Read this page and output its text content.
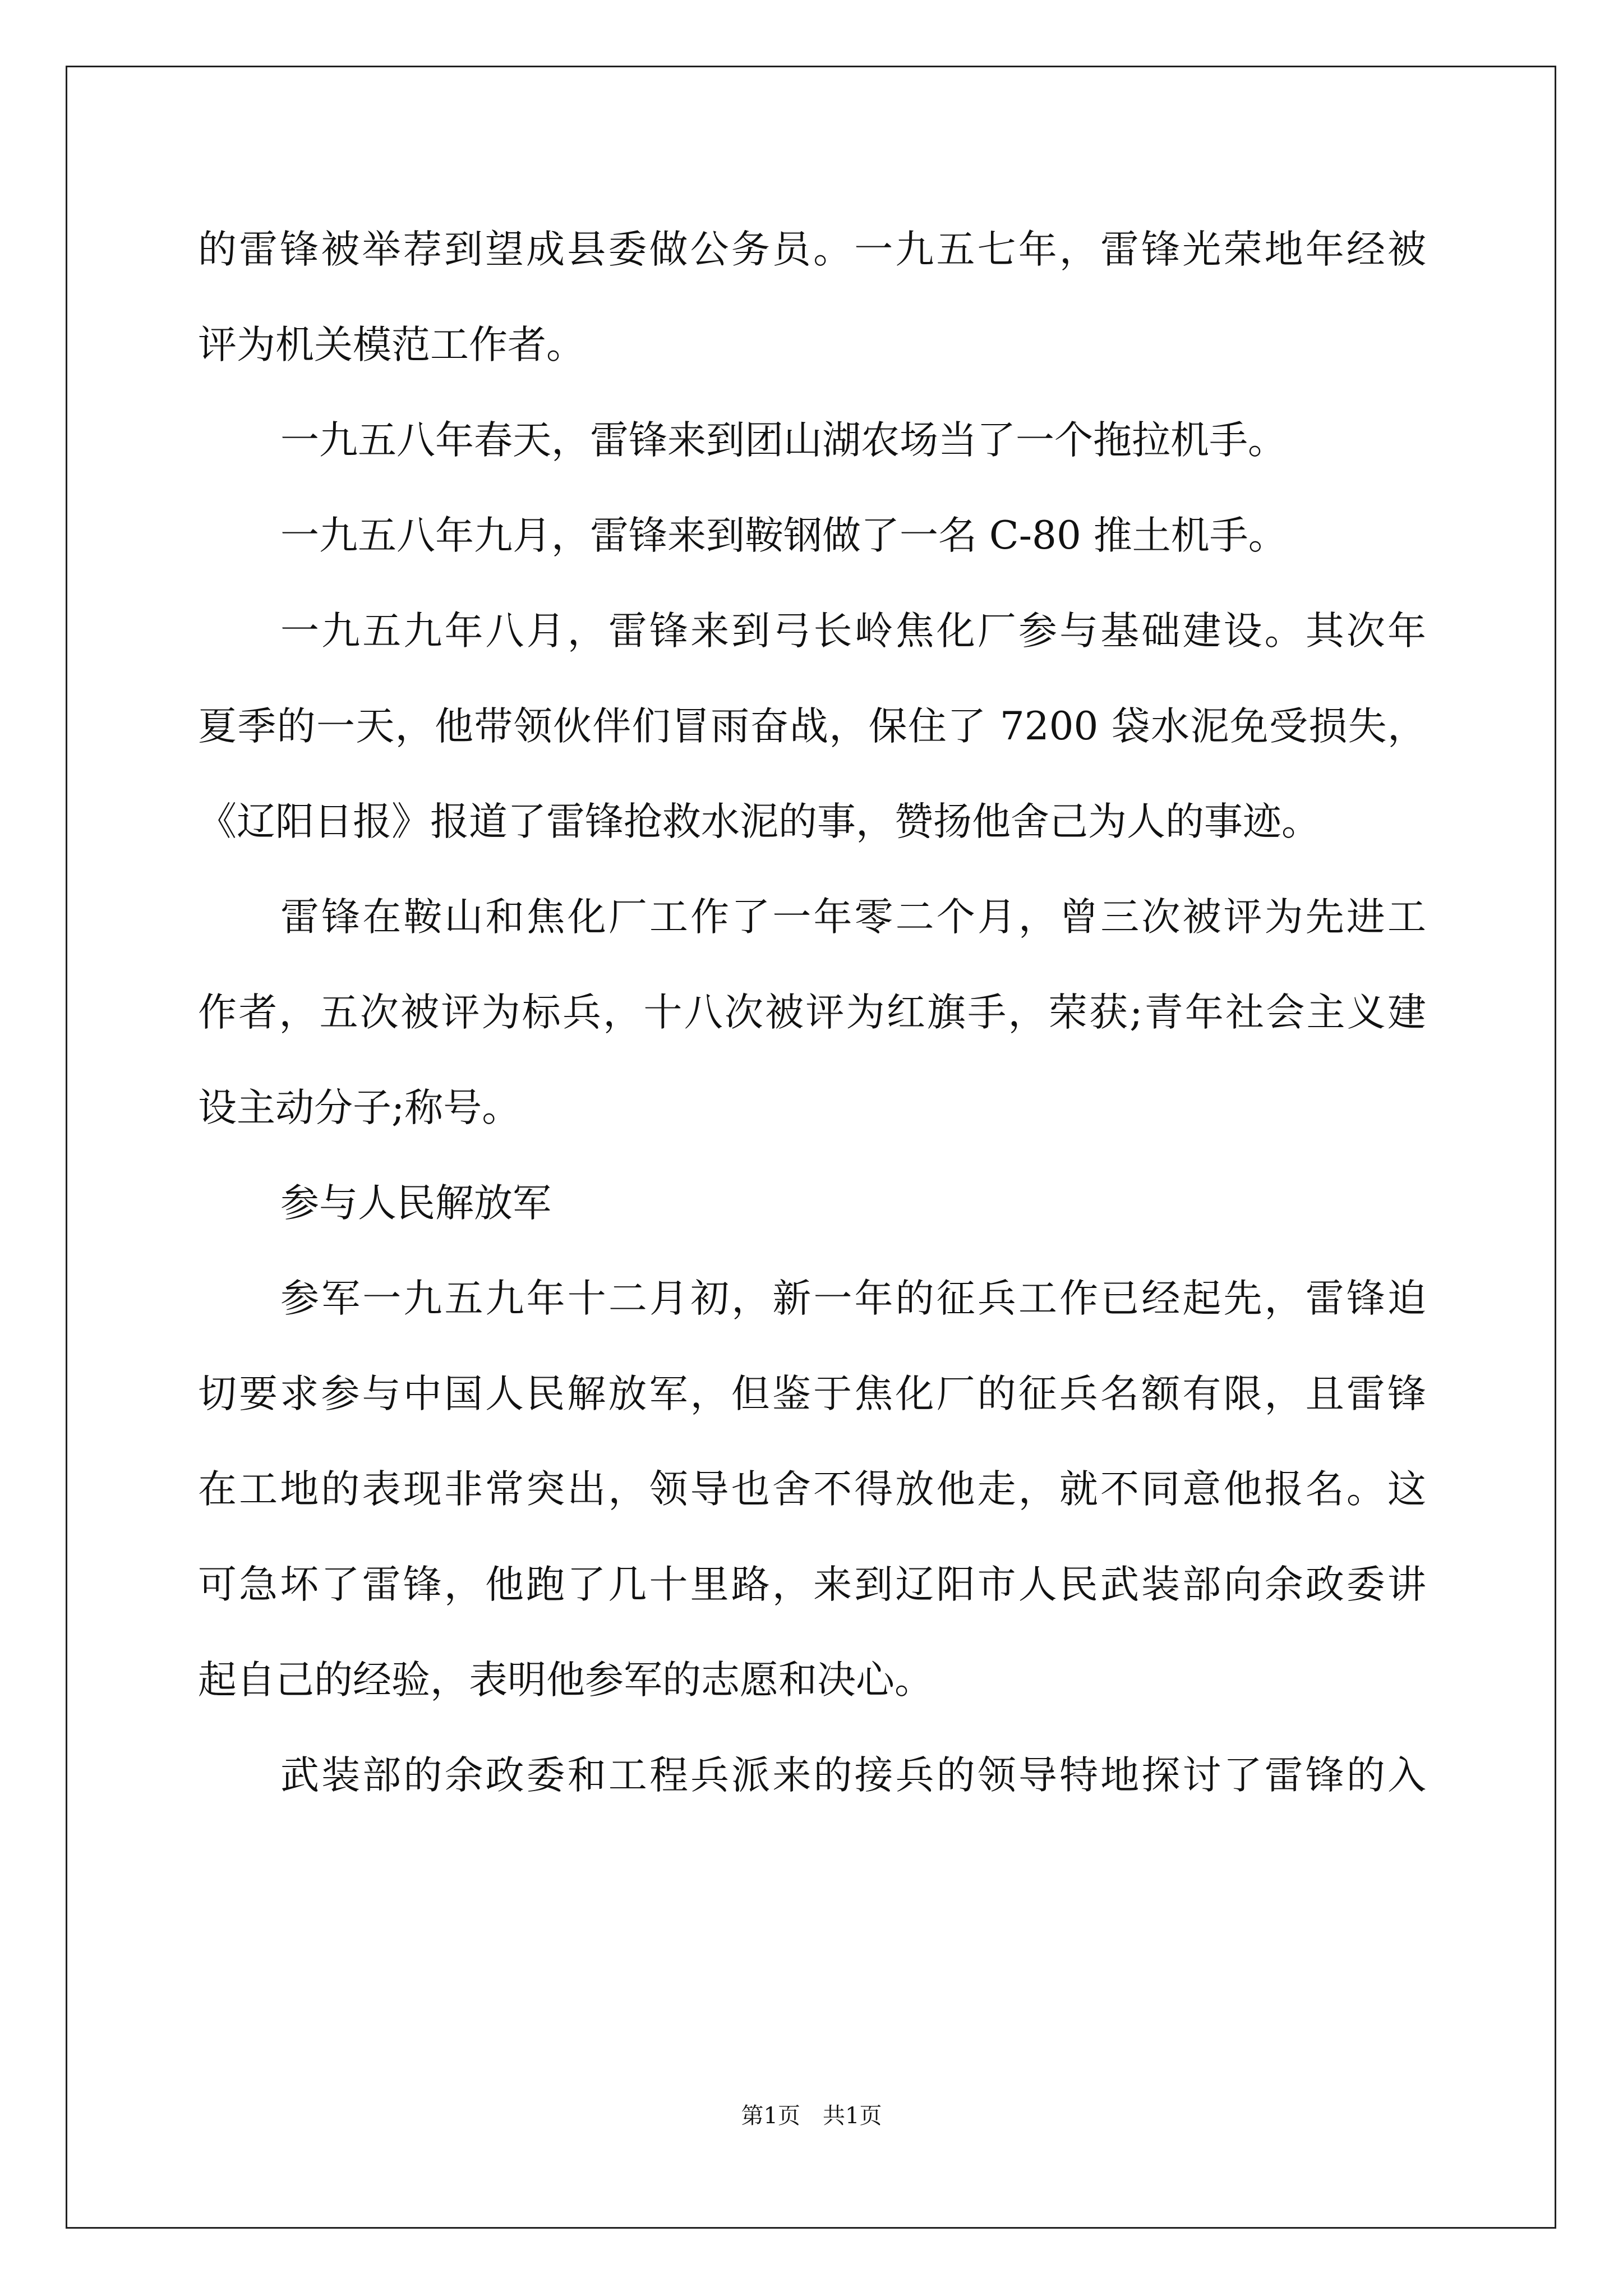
的雷锋被举荐到望成县委做公务员。一九五七年，雷锋光荣地年经被
评为机关模范工作者。
一九五八年春天，雷锋来到团山湖农场当了一个拖拉机手。
一九五八年九月，雷锋来到鞍钢做了一名 C-80 推土机手。
一九五九年八月，雷锋来到弓长岭焦化厂参与基础建设。其次年
夏季的一天，他带领伙伴们冒雨奋战，保住了 7200 袋水泥免受损失，
《辽阳日报》报道了雷锋抢救水泥的事，赞扬他舍己为人的事迹。
雷锋在鞍山和焦化厂工作了一年零二个月，曾三次被评为先进工
作者，五次被评为标兵，十八次被评为红旗手，荣获;青年社会主义建
设主动分子;称号。
参与人民解放军
参军一九五九年十二月初，新一年的征兵工作已经起先，雷锋迫
切要求参与中国人民解放军，但鉴于焦化厂的征兵名额有限，且雷锋
在工地的表现非常突出，领导也舍不得放他走，就不同意他报名。这
可急坏了雷锋，他跑了几十里路，来到辽阳市人民武装部向余政委讲
起自己的经验，表明他参军的志愿和决心。
武装部的余政委和工程兵派来的接兵的领导特地探讨了雷锋的入
第1页 共1页
